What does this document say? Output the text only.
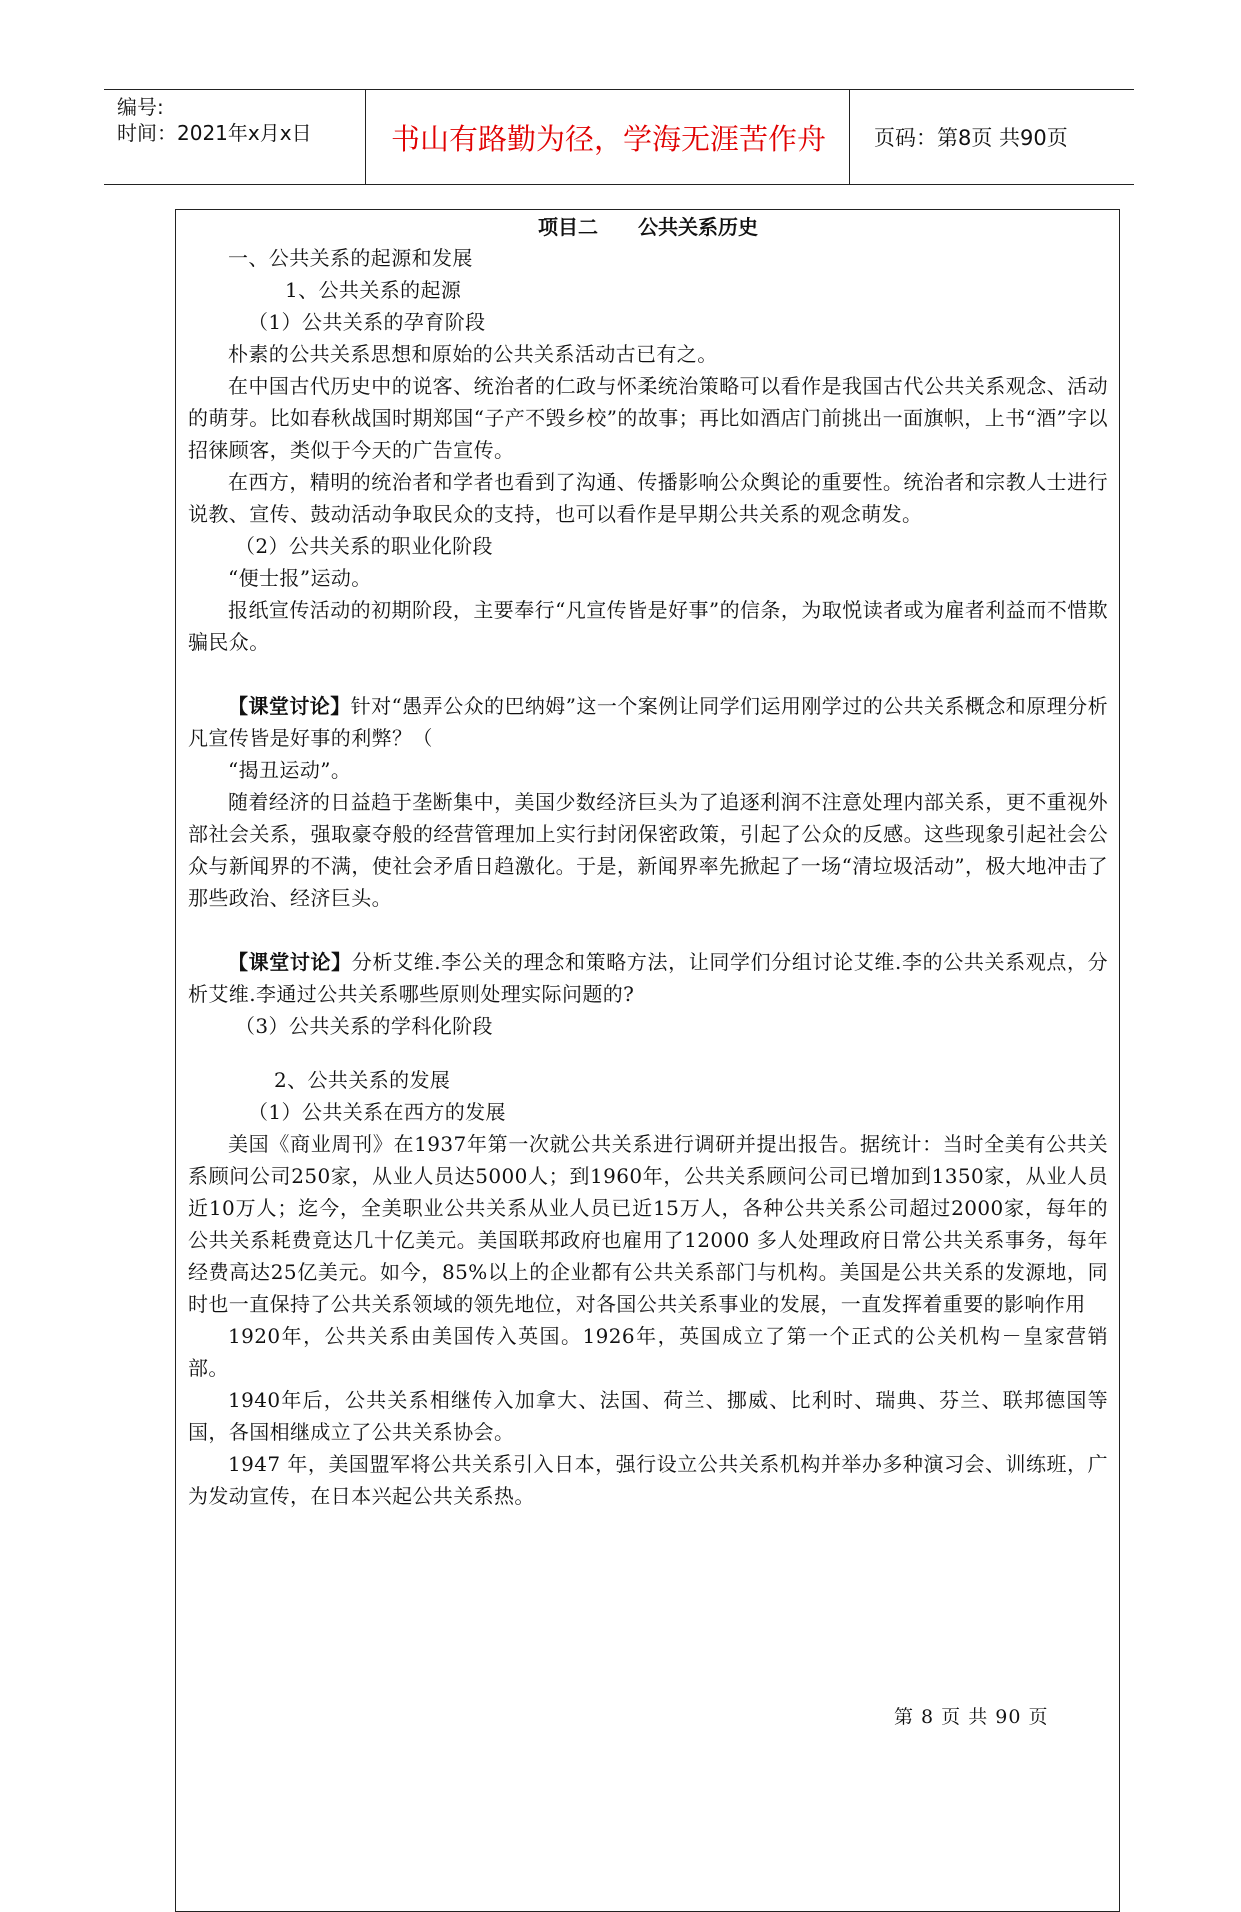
编号:
时间：2021年x月x日	书山有路勤为径，学海无涯苦作舟	页码：第8页 共90页
项目二　　公共关系历史

一、公共关系的起源和发展

1、公共关系的起源

（1）公共关系的孕育阶段

朴素的公共关系思想和原始的公共关系活动古已有之。

在中国古代历史中的说客、统治者的仁政与怀柔统治策略可以看作是我国古代公共关系观念、活动的萌芽。比如春秋战国时期郑国“子产不毁乡校”的故事；再比如酒店门前挑出一面旗帜，上书“酒”字以招徕顾客，类似于今天的广告宣传。

在西方，精明的统治者和学者也看到了沟通、传播影响公众舆论的重要性。统治者和宗教人士进行说教、宣传、鼓动活动争取民众的支持，也可以看作是早期公共关系的观念萌发。

（2）公共关系的职业化阶段

“便士报”运动。

报纸宣传活动的初期阶段，主要奉行“凡宣传皆是好事”的信条，为取悦读者或为雇者利益而不惜欺骗民众。

【课堂讨论】针对“愚弄公众的巴纳姆”这一个案例让同学们运用刚学过的公共关系概念和原理分析凡宣传皆是好事的利弊？（

“揭丑运动”。

随着经济的日益趋于垄断集中，美国少数经济巨头为了追逐利润不注意处理内部关系，更不重视外部社会关系，强取豪夺般的经营管理加上实行封闭保密政策，引起了公众的反感。这些现象引起社会公众与新闻界的不满，使社会矛盾日趋激化。于是，新闻界率先掀起了一场“清垃圾活动”，极大地冲击了那些政治、经济巨头。

【课堂讨论】分析艾维.李公关的理念和策略方法，让同学们分组讨论艾维.李的公共关系观点，分析艾维.李通过公共关系哪些原则处理实际问题的?

（3）公共关系的学科化阶段

2、公共关系的发展

（1）公共关系在西方的发展

美国《商业周刊》在1937年第一次就公共关系进行调研并提出报告。据统计：当时全美有公共关系顾问公司250家，从业人员达5000人；到1960年，公共关系顾问公司已增加到1350家，从业人员近10万人；迄今，全美职业公共关系从业人员已近15万人，各种公共关系公司超过2000家，每年的公共关系耗费竟达几十亿美元。美国联邦政府也雇用了12000 多人处理政府日常公共关系事务，每年经费高达25亿美元。如今，85%以上的企业都有公共关系部门与机构。美国是公共关系的发源地，同时也一直保持了公共关系领域的领先地位，对各国公共关系事业的发展，一直发挥着重要的影响作用

1920年，公共关系由美国传入英国。1926年，英国成立了第一个正式的公关机构－皇家营销部。

1940年后，公共关系相继传入加拿大、法国、荷兰、挪威、比利时、瑞典、芬兰、联邦德国等国，各国相继成立了公共关系协会。

1947 年，美国盟军将公共关系引入日本，强行设立公共关系机构并举办多种演习会、训练班，广为发动宣传，在日本兴起公共关系热。

第 8 页 共 90 页
